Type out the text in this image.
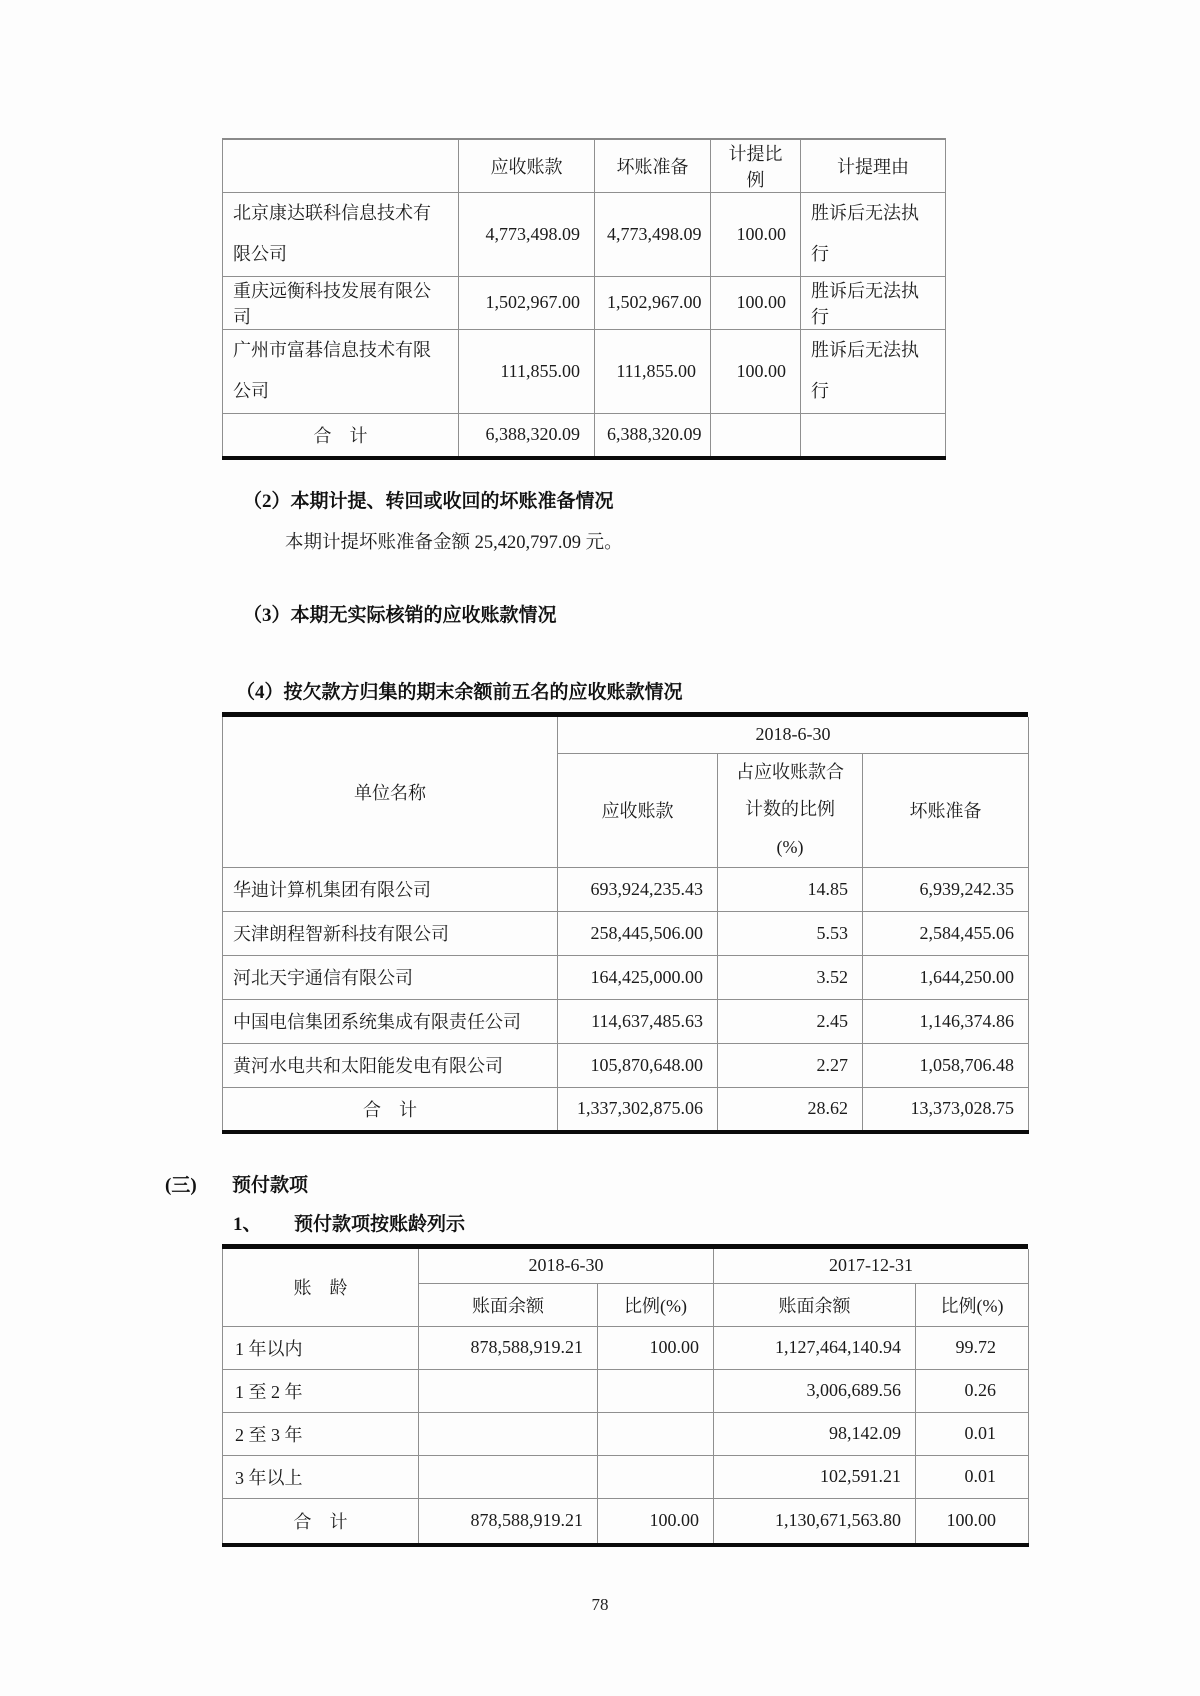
	应收账款	坏账准备	计提比例	计提理由
北京康达联科信息技术有限公司	4,773,498.09	4,773,498.09	100.00	胜诉后无法执行
重庆远衡科技发展有限公司	1,502,967.00	1,502,967.00	100.00	胜诉后无法执行
广州市富碁信息技术有限公司	111,855.00	111,855.00	100.00	胜诉后无法执行
合　计	6,388,320.09	6,388,320.09		
（2）本期计提、转回或收回的坏账准备情况
本期计提坏账准备金额 25,420,797.09 元。
（3）本期无实际核销的应收账款情况
（4）按欠款方归集的期末余额前五名的应收账款情况
单位名称	2018-6-30		
	应收账款	占应收账款合计数的比例(%)	坏账准备
华迪计算机集团有限公司	693,924,235.43	14.85	6,939,242.35
天津朗程智新科技有限公司	258,445,506.00	5.53	2,584,455.06
河北天宇通信有限公司	164,425,000.00	3.52	1,644,250.00
中国电信集团系统集成有限责任公司	114,637,485.63	2.45	1,146,374.86
黄河水电共和太阳能发电有限公司	105,870,648.00	2.27	1,058,706.48
合　计	1,337,302,875.06	28.62	13,373,028.75
(三)	预付款项
1、	预付款项按账龄列示
账　龄	2018-6-30		2017-12-31	
	账面余额	比例(%)	账面余额	比例(%)
1 年以内	878,588,919.21	100.00	1,127,464,140.94	99.72
1 至 2 年			3,006,689.56	0.26
2 至 3 年			98,142.09	0.01
3 年以上			102,591.21	0.01
合　计	878,588,919.21	100.00	1,130,671,563.80	100.00
78
